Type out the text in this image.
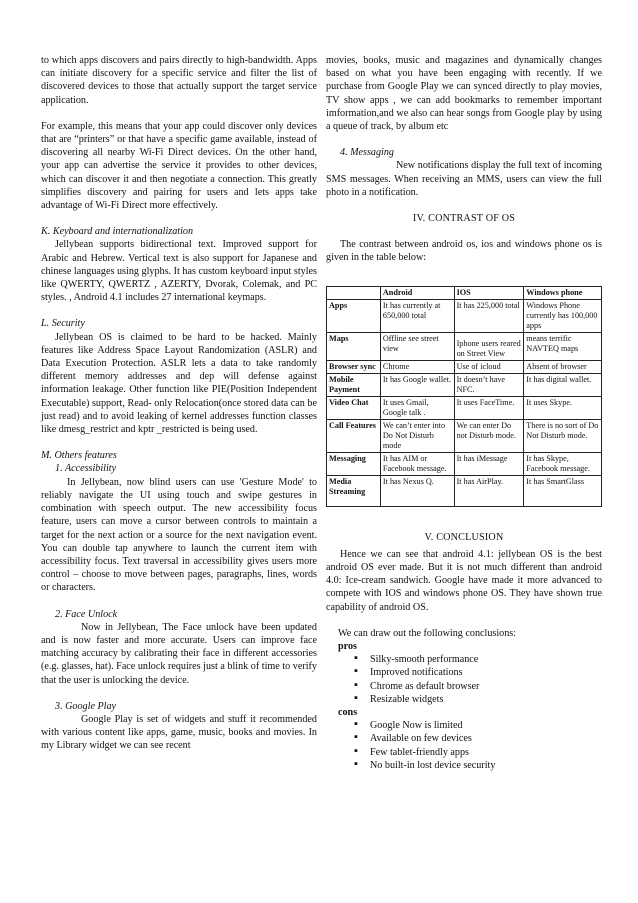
to which apps discovers and pairs directly to high-bandwidth. Apps can initiate discovery for a specific service and filter the list of discovered devices to those that actually support the target service application.

For example, this means that your app could discover only devices that are “printers” or that have a specific game available, instead of discovering all nearby Wi-Fi Direct devices. On the other hand, your app can advertise the service it provides to other devices, which can discover it and then negotiate a connection. This greatly simplifies discovery and pairing for users and lets apps take advantage of Wi-Fi Direct more effectively.

K. Keyboard and internationalization

Jellybean supports bidirectional text. Improved support for Arabic and Hebrew. Vertical text is also support for Japanese and chinese languages using glyphs. It has custom keyboard input styles like QWERTY, QWERTZ , AZERTY, Dvorak, Colemak, and PC styles. , Android 4.1 includes 27 international keymaps.

L. Security

Jellybean OS is claimed to be hard to be hacked. Mainly features like Address Space Layout Randomization (ASLR) and Data Execution Protection. ASLR lets a data to take randomly different memory addresses and dep will defense against information leakage. Other function like PIE(Position Independent Executable) support, Read- only Relocation(once stored data can be just read) and to avoid leaking of kernel addresses function classes like dmesg_restrict and kptr _restricted is being used.

M. Others features

1. Accessibility

In Jellybean, now blind users can use 'Gesture Mode' to reliably navigate the UI using touch and swipe gestures in combination with speech output. The new accessibility focus feature, users can move a cursor between controls to maintain a target for the next action or a source for the next navigation event. You can double tap anywhere to launch the current item with accessibility focus. Text traversal in accessibility gives users more control – choose to move between pages, paragraphs, lines, words or characters.

2. Face Unlock

Now in Jellybean, The Face unlock have been updated and is now faster and more accurate. Users can improve face matching accuracy by calibrating their face in different accessories (e.g. glasses, hat). Face unlock requires just a blink of time to verify that the user is unlocking the device.

3. Google Play

Google Play is set of widgets and stuff it recommended with various content like apps, game, music, books and movies. In my Library widget we can see recent

movies, books, music and magazines and dynamically changes based on what you have been engaging with recently. If we purchase from Google Play we can synced directly to play movies, TV show apps , we can add bookmarks to remember important imformation,and we also can hear songs from Google play by using a queue of track, by album etc

4. Messaging

New notifications display the full text of incoming SMS messages. When receiving an MMS, users can view the full photo in a notification.

IV. CONTRAST OF OS

The contrast between android os, ios and windows phone os is given in the table below:

	Android	IOS	Windows phone
Apps	It has currently at 650,000 total	It has 225,000 total	Windows Phone currently has 100,000 apps
Maps	Offline see street view	Iphone users reared on Street View	means terrific NAVTEQ maps
Browser sync	Chrome	Use of icloud	Absent of browser
Mobile Payment	It has Google wallet.	It doesn’t have NFC.	It has digital wallet.
Video Chat	It uses Gmail, Google talk .	It uses FaceTime.	It uses Skype.
Call Features	We can’t enter into Do Not Disturb mode	We can enter Do not Disturb mode.	There is no sort of Do Not Disturb mode.
Messaging	It has AIM or Facebook message.	It has iMessage	It has Skype, Facebook message.
Media Streaming	It has Nexus Q.	It has AirPlay.	It has SmartGlass

V. CONCLUSION

Hence we can see that android 4.1: jellybean OS is the best android OS ever made. But it is not much different than android 4.0: Ice-cream sandwich. Google have made it more advanced to compete with IOS and windows phone OS. They have shown true capability of android OS.

We can draw out the following conclusions:

pros

▪ Silky-smooth performance
▪ Improved notifications
▪ Chrome as default browser
▪ Resizable widgets

cons

▪ Google Now is limited
▪ Available on few devices
▪ Few tablet-friendly apps
▪ No built-in lost device security
